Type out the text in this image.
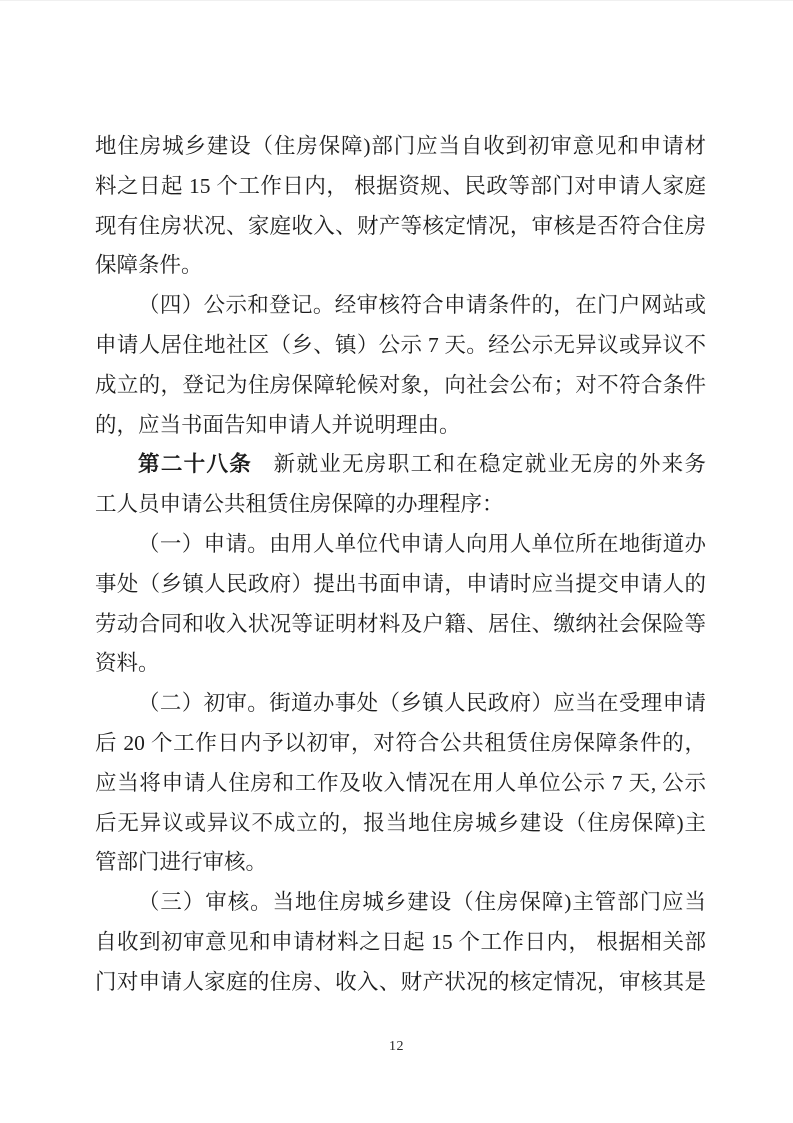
地住房城乡建设（住房保障)部门应当自收到初审意见和申请材
料之日起 15 个工作日内， 根据资规、民政等部门对申请人家庭
现有住房状况、家庭收入、财产等核定情况，审核是否符合住房
保障条件。
（四）公示和登记。经审核符合申请条件的，在门户网站或
申请人居住地社区（乡、镇）公示 7 天。经公示无异议或异议不
成立的，登记为住房保障轮候对象，向社会公布；对不符合条件
的，应当书面告知申请人并说明理由。
第二十八条 新就业无房职工和在稳定就业无房的外来务
工人员申请公共租赁住房保障的办理程序：
（一）申请。由用人单位代申请人向用人单位所在地街道办
事处（乡镇人民政府）提出书面申请，申请时应当提交申请人的
劳动合同和收入状况等证明材料及户籍、居住、缴纳社会保险等
资料。
（二）初审。街道办事处（乡镇人民政府）应当在受理申请
后 20 个工作日内予以初审，对符合公共租赁住房保障条件的，
应当将申请人住房和工作及收入情况在用人单位公示 7 天, 公示
后无异议或异议不成立的，报当地住房城乡建设（住房保障)主
管部门进行审核。
（三）审核。当地住房城乡建设（住房保障)主管部门应当
自收到初审意见和申请材料之日起 15 个工作日内， 根据相关部
门对申请人家庭的住房、收入、财产状况的核定情况，审核其是
12
